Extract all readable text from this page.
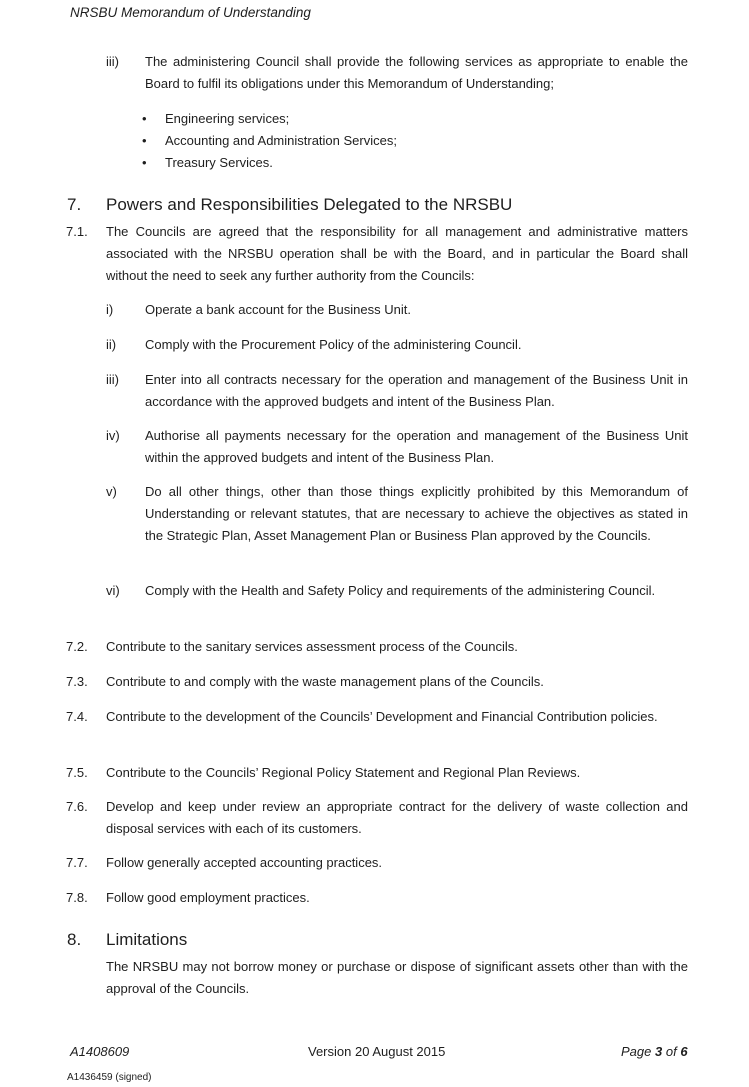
NRSBU Memorandum of Understanding
iii) The administering Council shall provide the following services as appropriate to enable the Board to fulfil its obligations under this Memorandum of Understanding;
• Engineering services;
• Accounting and Administration Services;
• Treasury Services.
7. Powers and Responsibilities Delegated to the NRSBU
7.1. The Councils are agreed that the responsibility for all management and administrative matters associated with the NRSBU operation shall be with the Board, and in particular the Board shall without the need to seek any further authority from the Councils:
i) Operate a bank account for the Business Unit.
ii) Comply with the Procurement Policy of the administering Council.
iii) Enter into all contracts necessary for the operation and management of the Business Unit in accordance with the approved budgets and intent of the Business Plan.
iv) Authorise all payments necessary for the operation and management of the Business Unit within the approved budgets and intent of the Business Plan.
v) Do all other things, other than those things explicitly prohibited by this Memorandum of Understanding or relevant statutes, that are necessary to achieve the objectives as stated in the Strategic Plan, Asset Management Plan or Business Plan approved by the Councils.
vi) Comply with the Health and Safety Policy and requirements of the administering Council.
7.2. Contribute to the sanitary services assessment process of the Councils.
7.3. Contribute to and comply with the waste management plans of the Councils.
7.4. Contribute to the development of the Councils’ Development and Financial Contribution policies.
7.5. Contribute to the Councils’ Regional Policy Statement and Regional Plan Reviews.
7.6. Develop and keep under review an appropriate contract for the delivery of waste collection and disposal services with each of its customers.
7.7. Follow generally accepted accounting practices.
7.8. Follow good employment practices.
8. Limitations
The NRSBU may not borrow money or purchase or dispose of significant assets other than with the approval of the Councils.
A1408609	Version 20 August 2015	Page 3 of 6
A1436459 (signed)
